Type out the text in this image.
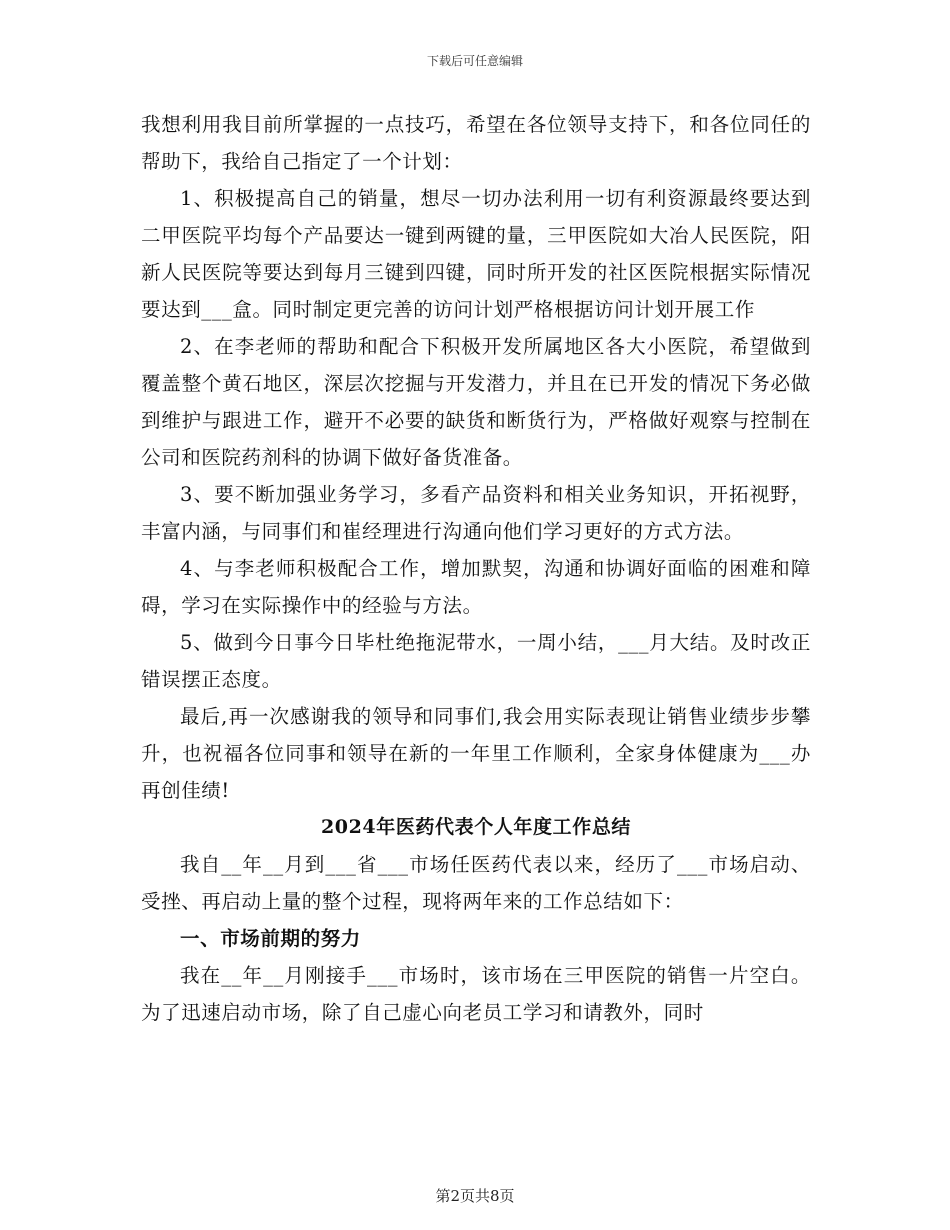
下载后可任意编辑

我想利用我目前所掌握的一点技巧，希望在各位领导支持下，和各位同任的帮助下，我给自己指定了一个计划：

1、积极提高自己的销量，想尽一切办法利用一切有利资源最终要达到二甲医院平均每个产品要达一键到两键的量，三甲医院如大冶人民医院，阳新人民医院等要达到每月三键到四键，同时所开发的社区医院根据实际情况要达到___盒。同时制定更完善的访问计划严格根据访问计划开展工作

2、在李老师的帮助和配合下积极开发所属地区各大小医院，希望做到覆盖整个黄石地区，深层次挖掘与开发潜力，并且在已开发的情况下务必做到维护与跟进工作，避开不必要的缺货和断货行为，严格做好观察与控制在公司和医院药剂科的协调下做好备货准备。

3、要不断加强业务学习，多看产品资料和相关业务知识，开拓视野，丰富内涵，与同事们和崔经理进行沟通向他们学习更好的方式方法。

4、与李老师积极配合工作，增加默契，沟通和协调好面临的困难和障碍，学习在实际操作中的经验与方法。

5、做到今日事今日毕杜绝拖泥带水，一周小结，___月大结。及时改正错误摆正态度。

最后,再一次感谢我的领导和同事们,我会用实际表现让销售业绩步步攀升，也祝福各位同事和领导在新的一年里工作顺利，全家身体健康为___办再创佳绩!

2024年医药代表个人年度工作总结

我自__年__月到___省___市场任医药代表以来，经历了___市场启动、受挫、再启动上量的整个过程，现将两年来的工作总结如下：

一、市场前期的努力

我在__年__月刚接手___市场时，该市场在三甲医院的销售一片空白。为了迅速启动市场，除了自己虚心向老员工学习和请教外，同时

第2页共8页
